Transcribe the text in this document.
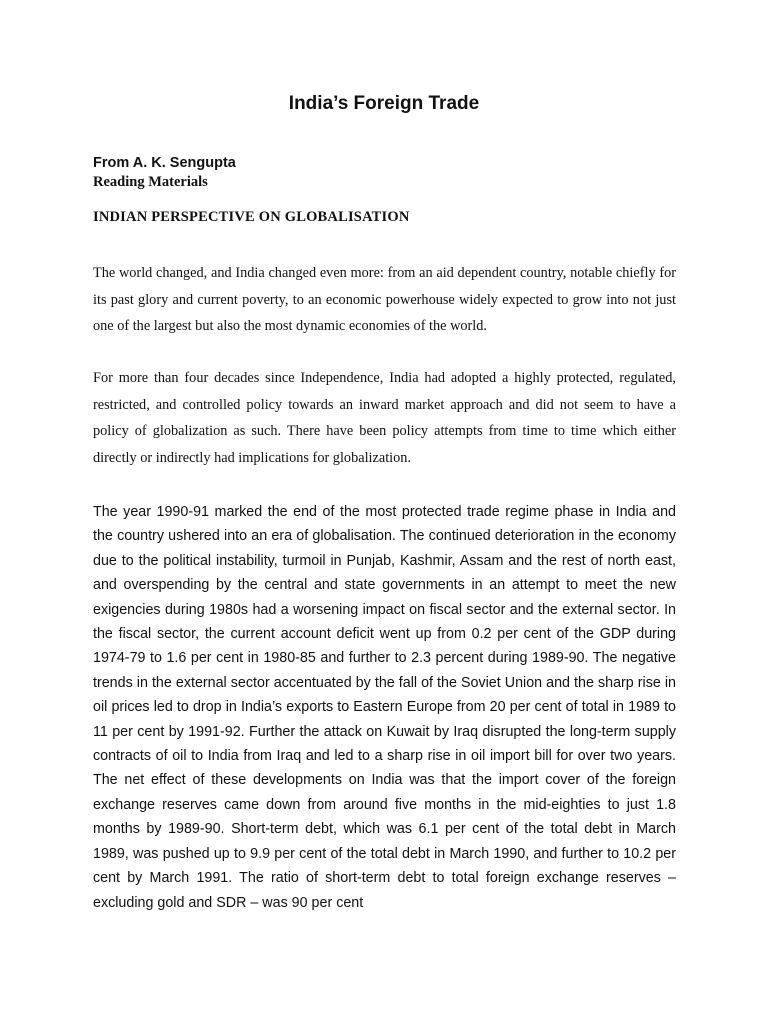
India’s Foreign Trade

From A. K. Sengupta

Reading Materials

INDIAN PERSPECTIVE ON GLOBALISATION

The world changed, and India changed even more: from an aid dependent country, notable chiefly for its past glory and current poverty, to an economic powerhouse widely expected to grow into not just one of the largest but also the most dynamic economies of the world.

For more than four decades since Independence, India had adopted a highly protected, regulated, restricted, and controlled policy towards an inward market approach and did not seem to have a policy of globalization as such. There have been policy attempts from time to time which either directly or indirectly had implications for globalization.

The year 1990-91 marked the end of the most protected trade regime phase in India and the country ushered into an era of globalisation. The continued deterioration in the economy due to the political instability, turmoil in Punjab, Kashmir, Assam and the rest of north east, and overspending by the central and state governments in an attempt to meet the new exigencies during 1980s had a worsening impact on fiscal sector and the external sector. In the fiscal sector, the current account deficit went up from 0.2 per cent of the GDP during 1974-79 to 1.6 per cent in 1980-85 and further to 2.3 percent during 1989-90. The negative trends in the external sector accentuated by the fall of the Soviet Union and the sharp rise in oil prices led to drop in India’s exports to Eastern Europe from 20 per cent of total in 1989 to 11 per cent by 1991-92. Further the attack on Kuwait by Iraq disrupted the long-term supply contracts of oil to India from Iraq and led to a sharp rise in oil import bill for over two years. The net effect of these developments on India was that the import cover of the foreign exchange reserves came down from around five months in the mid-eighties to just 1.8 months by 1989-90. Short-term debt, which was 6.1 per cent of the total debt in March 1989, was pushed up to 9.9 per cent of the total debt in March 1990, and further to 10.2 per cent by March 1991. The ratio of short-term debt to total foreign exchange reserves – excluding gold and SDR – was 90 per cent
